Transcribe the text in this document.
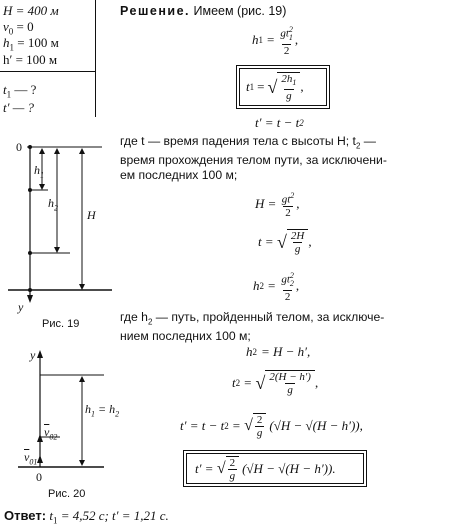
H = 400 м
$v_0 = 0$
$h_1 = 100$ м
h′ = 100 м
$t_1$ — ?
t′ — ?
Решение. Имеем (рис. 19)
h $1 = \frac{gt^2_1}{2}$ ,
t 1 = √ $\frac{2h_1}{g}$ ,
t′ = t − t 2
где t — время падения тела с высоты H; $t_2$ —
время прохождения телом пути, за исключени-
ем последних 100 м;
$H = \frac{gt^2}{2}$ ,
t = √ $\frac{2H}{g}$ ,
h $2 = \frac{gt^2_2}{2}$ ,
где $h_2$ — путь, пройденный телом, за исключе-
нием последних 100 м;
h 2 = H − h′,
t 2 = √ $\frac{2(H - h')}{g}$ ,
t′ = t − t 2 = √ $\frac{2}{g} (√H - √(H - h'))$,
t′ = √ $\frac{2}{g} (√H - √(H - h'))$.
0
$h_1$
$h_2$
H
y
Рис. 19
y
$h_1 = h_2$
$\overline{v}_{02}$
$\overline{v}_{01}$
0
Рис. 20
Ответ: $t_1 = 4,52$ с; t′ = 1,21 с.
